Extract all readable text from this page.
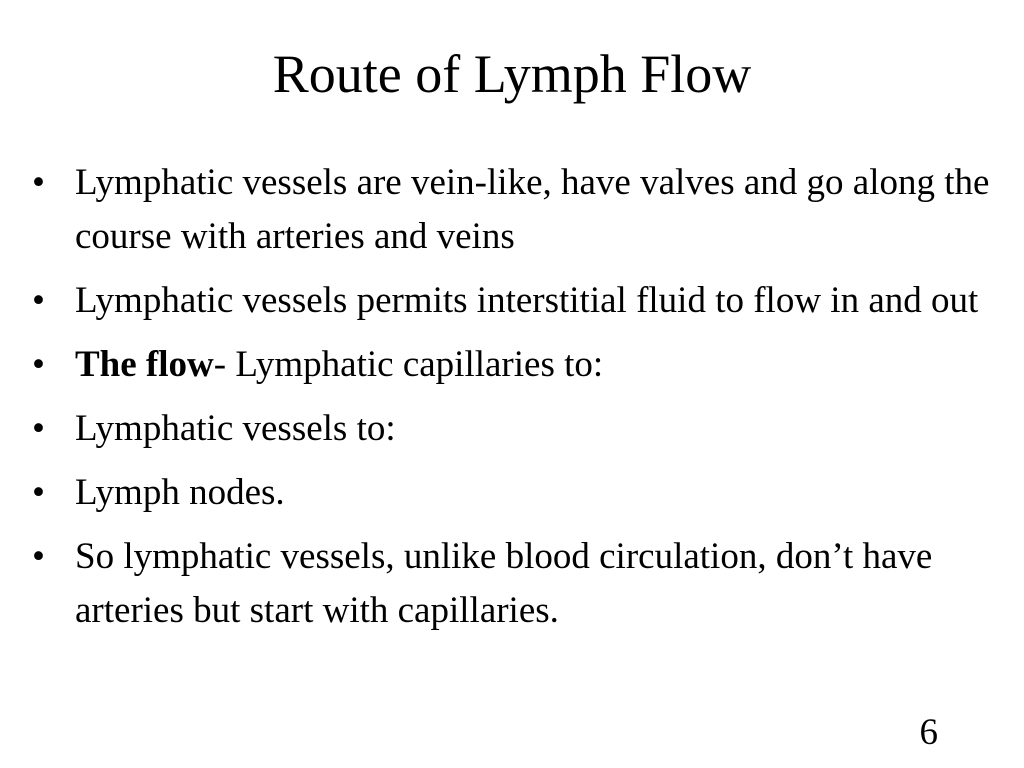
Route of Lymph Flow
• Lymphatic vessels are vein-like, have valves and go along the course with arteries and veins
• Lymphatic vessels permits interstitial fluid to flow in and out
• The flow- Lymphatic capillaries to:
• Lymphatic vessels to:
• Lymph nodes.
• So lymphatic vessels, unlike blood circulation, don’t have arteries but start with capillaries.
6
